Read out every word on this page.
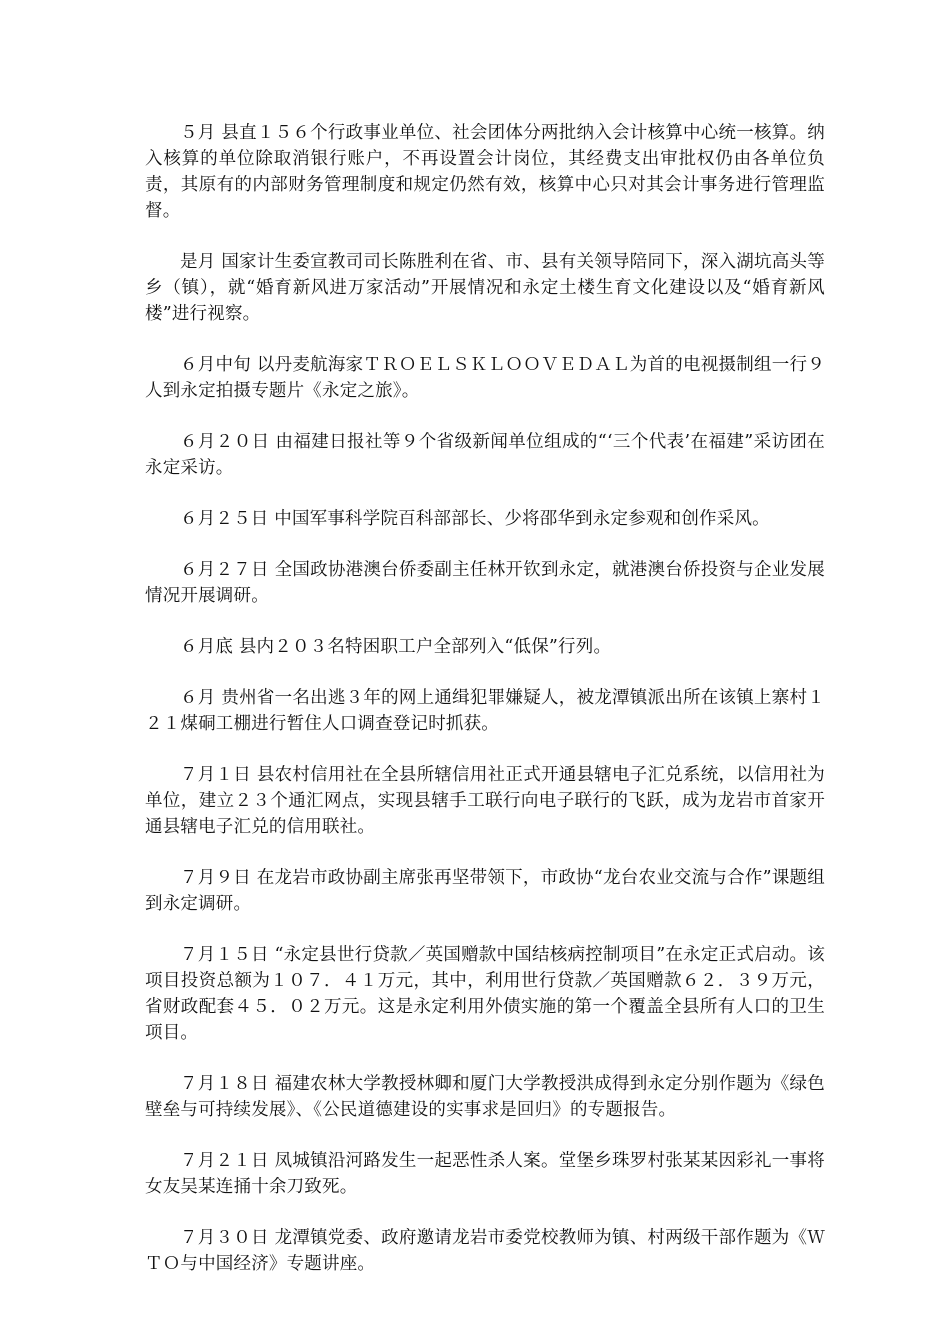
５月 县直１５６个行政事业单位、社会团体分两批纳入会计核算中心统一核算。纳入核算的单位除取消银行账户，不再设置会计岗位，其经费支出审批权仍由各单位负责，其原有的内部财务管理制度和规定仍然有效，核算中心只对其会计事务进行管理监督。

是月 国家计生委宣教司司长陈胜利在省、市、县有关领导陪同下，深入湖坑高头等乡（镇），就“婚育新风进万家活动”开展情况和永定土楼生育文化建设以及“婚育新风楼”进行视察。

６月中旬 以丹麦航海家ＴＲＯＥＬＳＫＬＯＯＶＥＤＡＬ为首的电视摄制组一行９人到永定拍摄专题片《永定之旅》。

６月２０日 由福建日报社等９个省级新闻单位组成的“‘三个代表’在福建”采访团在永定采访。

６月２５日 中国军事科学院百科部部长、少将邵华到永定参观和创作采风。

６月２７日 全国政协港澳台侨委副主任林开钦到永定，就港澳台侨投资与企业发展情况开展调研。

６月底 县内２０３名特困职工户全部列入“低保”行列。

６月 贵州省一名出逃３年的网上通缉犯罪嫌疑人，被龙潭镇派出所在该镇上寨村１２１煤硐工棚进行暂住人口调查登记时抓获。

７月１日 县农村信用社在全县所辖信用社正式开通县辖电子汇兑系统，以信用社为单位，建立２３个通汇网点，实现县辖手工联行向电子联行的飞跃，成为龙岩市首家开通县辖电子汇兑的信用联社。

７月９日 在龙岩市政协副主席张再坚带领下，市政协“龙台农业交流与合作”课题组到永定调研。

７月１５日 “永定县世行贷款／英国赠款中国结核病控制项目”在永定正式启动。该项目投资总额为１０７．４１万元，其中，利用世行贷款／英国赠款６２．３９万元，省财政配套４５．０２万元。这是永定利用外债实施的第一个覆盖全县所有人口的卫生项目。

７月１８日 福建农林大学教授林卿和厦门大学教授洪成得到永定分别作题为《绿色壁垒与可持续发展》、《公民道德建设的实事求是回归》的专题报告。

７月２１日 凤城镇沿河路发生一起恶性杀人案。堂堡乡珠罗村张某某因彩礼一事将女友吴某连捅十余刀致死。

７月３０日 龙潭镇党委、政府邀请龙岩市委党校教师为镇、村两级干部作题为《ＷＴＯ与中国经济》专题讲座。
